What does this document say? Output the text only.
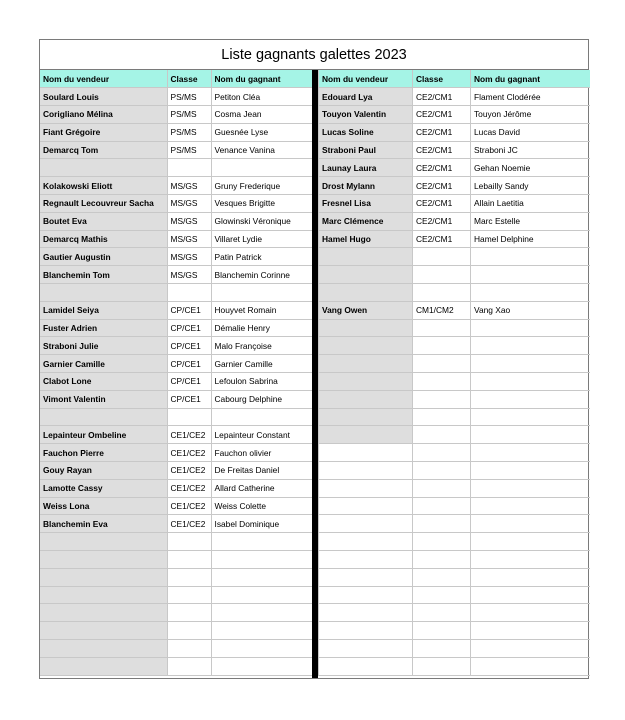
Liste gagnants galettes 2023
Nom du vendeur	Classe	Nom du gagnant
Soulard Louis	PS/MS	Petiton Cléa
Corigliano Mélina	PS/MS	Cosma Jean
Fiant Grégoire	PS/MS	Guesnée Lyse
Demarcq Tom	PS/MS	Venance Vanina

Kolakowski Eliott	MS/GS	Gruny Frederique
Regnault Lecouvreur Sacha	MS/GS	Vesques Brigitte
Boutet Eva	MS/GS	Glowinski Véronique
Demarcq Mathis	MS/GS	Villaret Lydie
Gautier Augustin	MS/GS	Patin Patrick
Blanchemin Tom	MS/GS	Blanchemin Corinne

Lamidel Seiya	CP/CE1	Houyvet Romain
Fuster Adrien	CP/CE1	Démalie Henry
Straboni Julie	CP/CE1	Malo Françoise
Garnier Camille	CP/CE1	Garnier Camille
Clabot Lone	CP/CE1	Lefoulon Sabrina
Vimont Valentin	CP/CE1	Cabourg Delphine

Lepainteur Ombeline	CE1/CE2	Lepainteur Constant
Fauchon Pierre	CE1/CE2	Fauchon olivier
Gouy Rayan	CE1/CE2	De Freitas Daniel
Lamotte Cassy	CE1/CE2	Allard Catherine
Weiss Lona	CE1/CE2	Weiss Colette
Blanchemin Eva	CE1/CE2	Isabel Dominique

Nom du vendeur	Classe	Nom du gagnant
Edouard Lya	CE2/CM1	Flament Clodérée
Touyon Valentin	CE2/CM1	Touyon Jérôme
Lucas Soline	CE2/CM1	Lucas David
Straboni Paul	CE2/CM1	Straboni JC
Launay Laura	CE2/CM1	Gehan Noemie
Drost Mylann	CE2/CM1	Lebailly Sandy
Fresnel Lisa	CE2/CM1	Allain Laetitia
Marc Clémence	CE2/CM1	Marc Estelle
Hamel Hugo	CE2/CM1	Hamel Delphine

Vang Owen	CM1/CM2	Vang Xao
